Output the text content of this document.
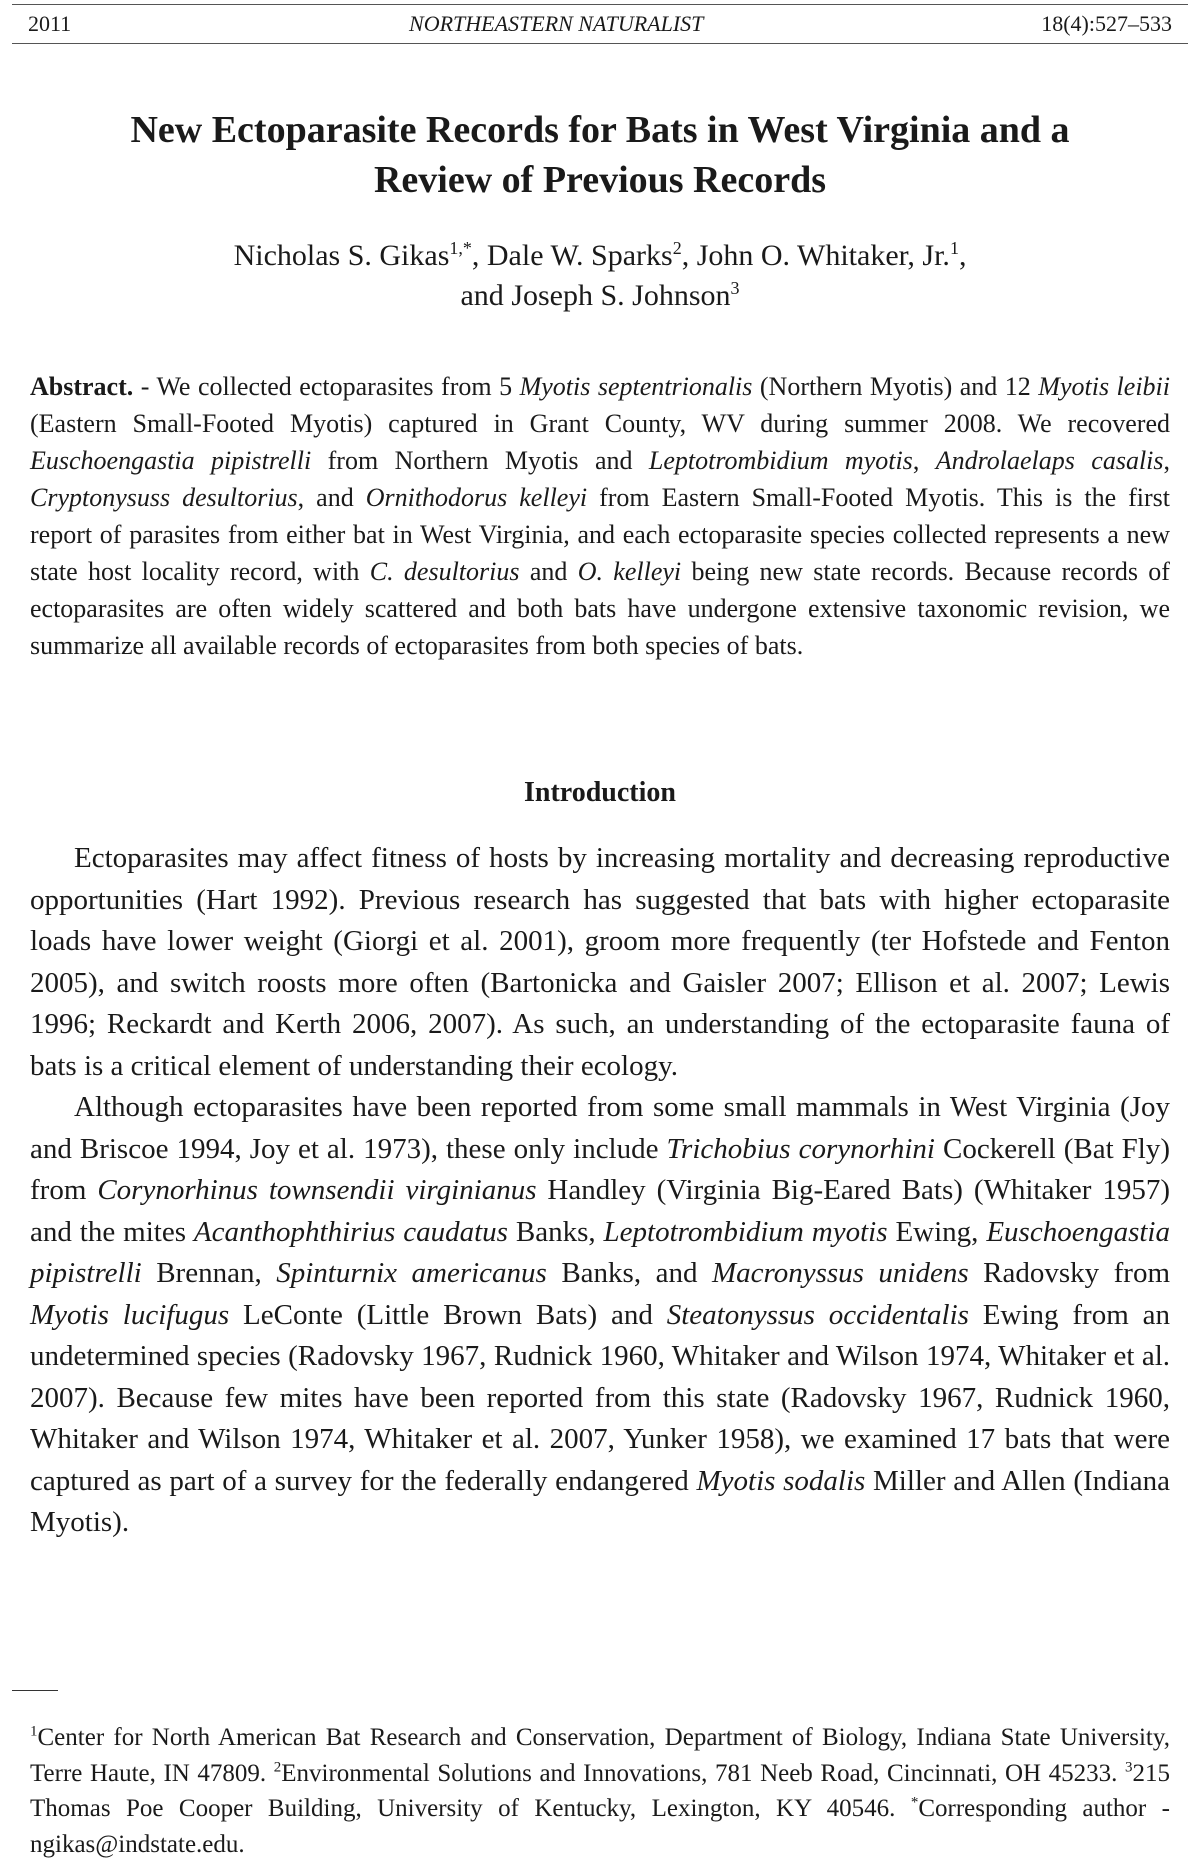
2011	NORTHEASTERN NATURALIST	18(4):527–533
New Ectoparasite Records for Bats in West Virginia and a
Review of Previous Records
Nicholas S. Gikas$^{1,*}$, Dale W. Sparks$^2$, John O. Whitaker, Jr.$^1$,
and Joseph S. Johnson$^3$
Abstract. - We collected ectoparasites from 5 Myotis septentrionalis (Northern Myotis) and 12 Myotis leibii (Eastern Small-Footed Myotis) captured in Grant County, WV during summer 2008. We recovered Euschoengastia pipistrelli from Northern Myotis and Leptotrombidium myotis, Androlaelaps casalis, Cryptonysuss desultorius, and Ornithodorus kelleyi from Eastern Small-Footed Myotis. This is the first report of parasites from either bat in West Virginia, and each ectoparasite species collected represents a new state host locality record, with C. desultorius and O. kelleyi being new state records. Because records of ectoparasites are often widely scattered and both bats have undergone extensive taxonomic revision, we summarize all available records of ectoparasites from both species of bats.
Introduction

Ectoparasites may affect fitness of hosts by increasing mortality and decreasing reproductive opportunities (Hart 1992). Previous research has suggested that bats with higher ectoparasite loads have lower weight (Giorgi et al. 2001), groom more frequently (ter Hofstede and Fenton 2005), and switch roosts more often (Bartonicka and Gaisler 2007; Ellison et al. 2007; Lewis 1996; Reckardt and Kerth 2006, 2007). As such, an understanding of the ectoparasite fauna of bats is a critical element of understanding their ecology.

Although ectoparasites have been reported from some small mammals in West Virginia (Joy and Briscoe 1994, Joy et al. 1973), these only include Trichobius corynorhini Cockerell (Bat Fly) from Corynorhinus townsendii virginianus Handley (Virginia Big-Eared Bats) (Whitaker 1957) and the mites Acanthophthirius caudatus Banks, Leptotrombidium myotis Ewing, Euschoengastia pipistrelli Brennan, Spinturnix americanus Banks, and Macronyssus unidens Radovsky from Myotis lucifugus LeConte (Little Brown Bats) and Steatonyssus occidentalis Ewing from an undetermined species (Radovsky 1967, Rudnick 1960, Whitaker and Wilson 1974, Whitaker et al. 2007). Because few mites have been reported from this state (Radovsky 1967, Rudnick 1960, Whitaker and Wilson 1974, Whitaker et al. 2007, Yunker 1958), we examined 17 bats that were captured as part of a survey for the federally endangered Myotis sodalis Miller and Allen (Indiana Myotis).

$^1$Center for North American Bat Research and Conservation, Department of Biology, Indiana State University, Terre Haute, IN 47809. $^2$Environmental Solutions and Innovations, 781 Neeb Road, Cincinnati, OH 45233. $^3$215 Thomas Poe Cooper Building, University of Kentucky, Lexington, KY 40546. *Corresponding author - ngikas@indstate.edu.
